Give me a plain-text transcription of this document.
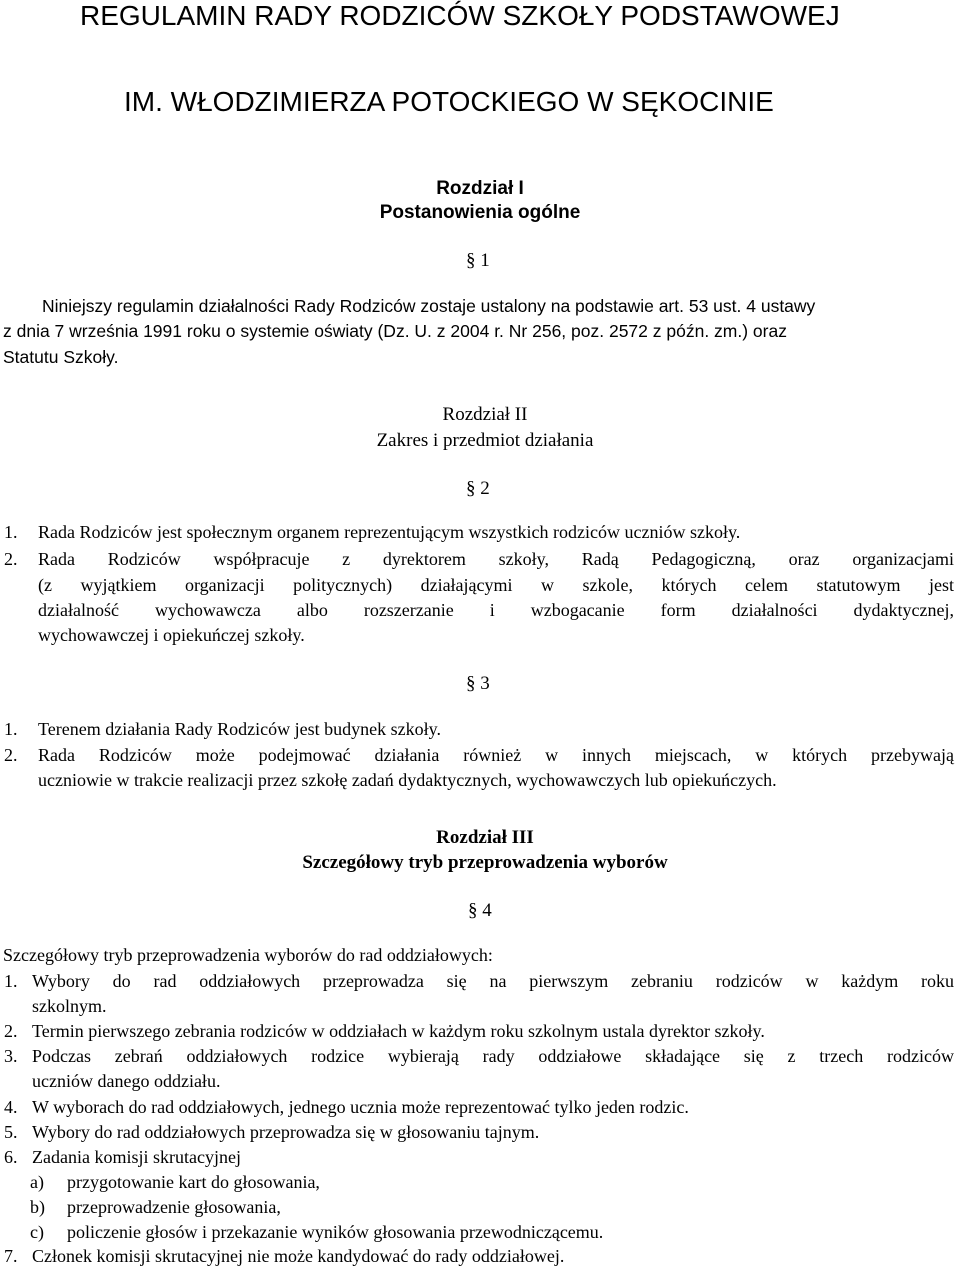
REGULAMIN RADY RODZICÓW SZKOŁY PODSTAWOWEJ
IM. WŁODZIMIERZA POTOCKIEGO W SĘKOCINIE
Rozdział I
Postanowienia ogólne
§ 1
Niniejszy regulamin działalności Rady Rodziców zostaje ustalony na podstawie art. 53 ust. 4 ustawy
z dnia 7 września 1991 roku o systemie oświaty (Dz. U. z 2004 r. Nr 256, poz. 2572 z późn. zm.) oraz
Statutu Szkoły.
Rozdział II
Zakres i przedmiot działania
§ 2
1. Rada Rodziców jest społecznym organem reprezentującym wszystkich rodziców uczniów szkoły.
2. Rada Rodziców współpracuje z dyrektorem szkoły, Radą Pedagogiczną, oraz organizacjami
(z wyjątkiem organizacji politycznych) działającymi w szkole, których celem statutowym jest
działalność wychowawcza albo rozszerzanie i wzbogacanie form działalności dydaktycznej,
wychowawczej i opiekuńczej szkoły.
§ 3
1. Terenem działania Rady Rodziców jest budynek szkoły.
2. Rada Rodziców może podejmować działania również w innych miejscach, w których przebywają
uczniowie w trakcie realizacji przez szkołę zadań dydaktycznych, wychowawczych lub opiekuńczych.
Rozdział III
Szczegółowy tryb przeprowadzenia wyborów
§ 4
Szczegółowy tryb przeprowadzenia wyborów do rad oddziałowych:
1. Wybory do rad oddziałowych przeprowadza się na pierwszym zebraniu rodziców w każdym roku
szkolnym.
2. Termin pierwszego zebrania rodziców w oddziałach w każdym roku szkolnym ustala dyrektor szkoły.
3. Podczas zebrań oddziałowych rodzice wybierają rady oddziałowe składające się z trzech rodziców
uczniów danego oddziału.
4. W wyborach do rad oddziałowych, jednego ucznia może reprezentować tylko jeden rodzic.
5. Wybory do rad oddziałowych przeprowadza się w głosowaniu tajnym.
6. Zadania komisji skrutacyjnej
a) przygotowanie kart do głosowania,
b) przeprowadzenie głosowania,
c) policzenie głosów i przekazanie wyników głosowania przewodniczącemu.
7. Członek komisji skrutacyjnej nie może kandydować do rady oddziałowej.
